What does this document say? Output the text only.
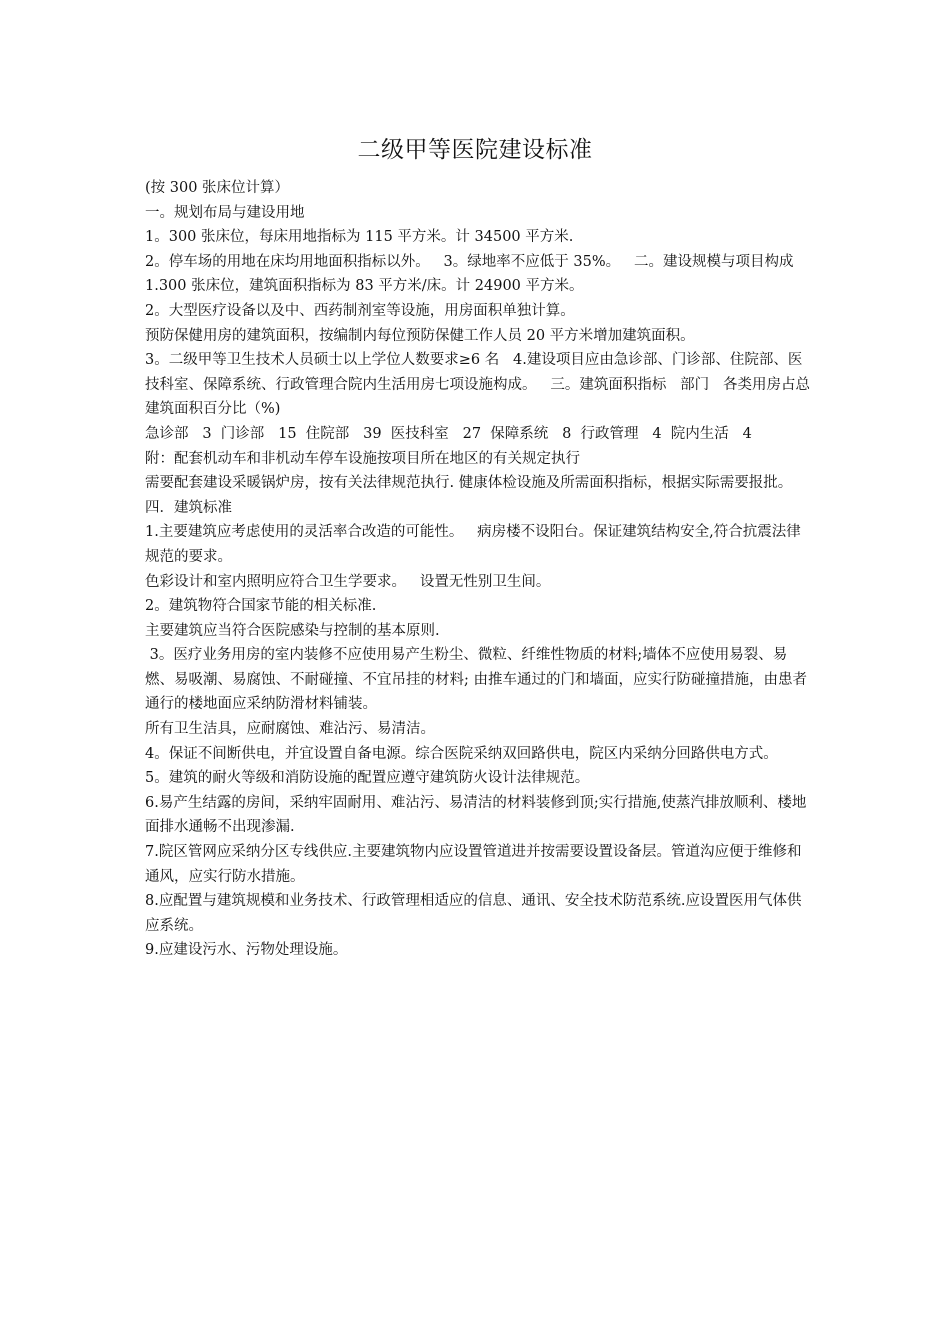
二级甲等医院建设标准

(按 300 张床位计算）

一。规划布局与建设用地

1。300 张床位，每床用地指标为 115 平方米。计 34500 平方米.

2。停车场的用地在床均用地面积指标以外。   3。绿地率不应低于 35%。   二。建设规模与项目构成

1.300 张床位，建筑面积指标为 83 平方米/床。计 24900 平方米。

2。大型医疗设备以及中、西药制剂室等设施，用房面积单独计算。

预防保健用房的建筑面积，按编制内每位预防保健工作人员 20 平方米增加建筑面积。

3。二级甲等卫生技术人员硕士以上学位人数要求≥6 名   4.建设项目应由急诊部、门诊部、住院部、医技科室、保障系统、行政管理合院内生活用房七项设施构成。   三。建筑面积指标   部门   各类用房占总建筑面积百分比（%)

急诊部   3  门诊部   15  住院部   39  医技科室   27  保障系统   8  行政管理   4  院内生活   4

附：配套机动车和非机动车停车设施按项目所在地区的有关规定执行

需要配套建设采暖锅炉房，按有关法律规范执行. 健康体检设施及所需面积指标，根据实际需要报批。   四．建筑标准

1.主要建筑应考虑使用的灵活率合改造的可能性。   病房楼不设阳台。保证建筑结构安全,符合抗震法律规范的要求。

色彩设计和室内照明应符合卫生学要求。   设置无性别卫生间。

2。建筑物符合国家节能的相关标准.

主要建筑应当符合医院感染与控制的基本原则.

3。医疗业务用房的室内装修不应使用易产生粉尘、微粒、纤维性物质的材料;墙体不应使用易裂、易燃、易吸潮、易腐蚀、不耐碰撞、不宜吊挂的材料; 由推车通过的门和墙面，应实行防碰撞措施，由患者通行的楼地面应采纳防滑材料铺装。

所有卫生洁具，应耐腐蚀、难沾污、易清洁。

4。保证不间断供电，并宜设置自备电源。综合医院采纳双回路供电，院区内采纳分回路供电方式。

5。建筑的耐火等级和消防设施的配置应遵守建筑防火设计法律规范。

6.易产生结露的房间，采纳牢固耐用、难沾污、易清洁的材料装修到顶;实行措施,使蒸汽排放顺利、楼地面排水通畅不出现渗漏.

7.院区管网应采纳分区专线供应.主要建筑物内应设置管道进并按需要设置设备层。管道沟应便于维修和通风，应实行防水措施。

8.应配置与建筑规模和业务技术、行政管理相适应的信息、通讯、安全技术防范系统.应设置医用气体供应系统。

9.应建设污水、污物处理设施。
